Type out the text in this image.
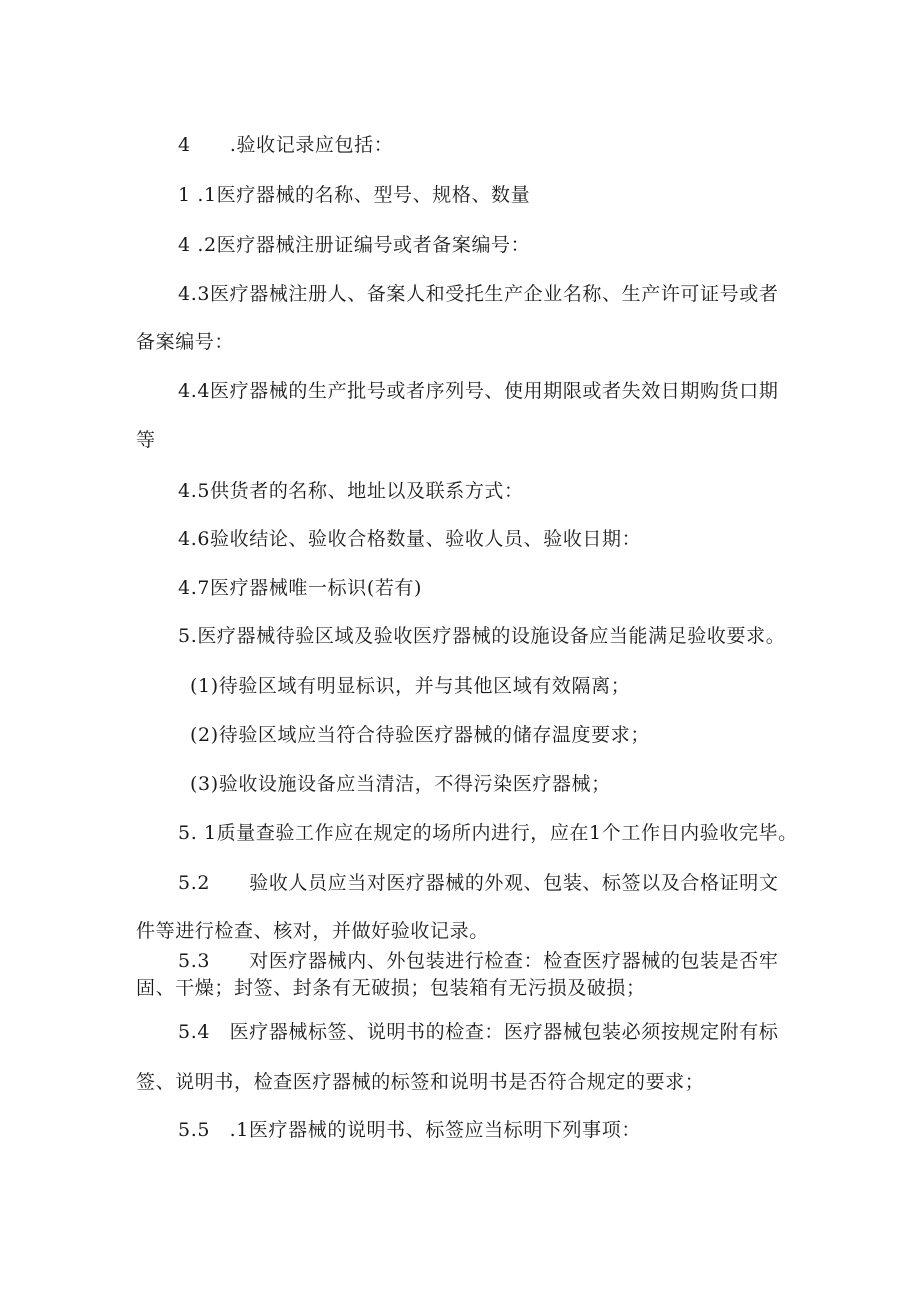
4　　.验收记录应包括：
1 .1医疗器械的名称、型号、规格、数量
4 .2医疗器械注册证编号或者备案编号：
4.3医疗器械注册人、备案人和受托生产企业名称、生产许可证号或者
备案编号：
4.4医疗器械的生产批号或者序列号、使用期限或者失效日期购货口期
等
4.5供货者的名称、地址以及联系方式：
4.6验收结论、验收合格数量、验收人员、验收日期：
4.7医疗器械唯一标识(若有)
5.医疗器械待验区域及验收医疗器械的设施设备应当能满足验收要求。
(1)待验区域有明显标识，并与其他区域有效隔离；
(2)待验区域应当符合待验医疗器械的储存温度要求；
(3)验收设施设备应当清洁，不得污染医疗器械；
5. 1质量查验工作应在规定的场所内进行，应在1个工作日内验收完毕。
5.2　　验收人员应当对医疗器械的外观、包装、标签以及合格证明文
件等进行检查、核对，并做好验收记录。
5.3　　对医疗器械内、外包装进行检查：检查医疗器械的包装是否牢
固、干燥；封签、封条有无破损；包装箱有无污损及破损；
5.4　医疗器械标签、说明书的检查：医疗器械包装必须按规定附有标
签、说明书，检查医疗器械的标签和说明书是否符合规定的要求；
5.5　.1医疗器械的说明书、标签应当标明下列事项：
